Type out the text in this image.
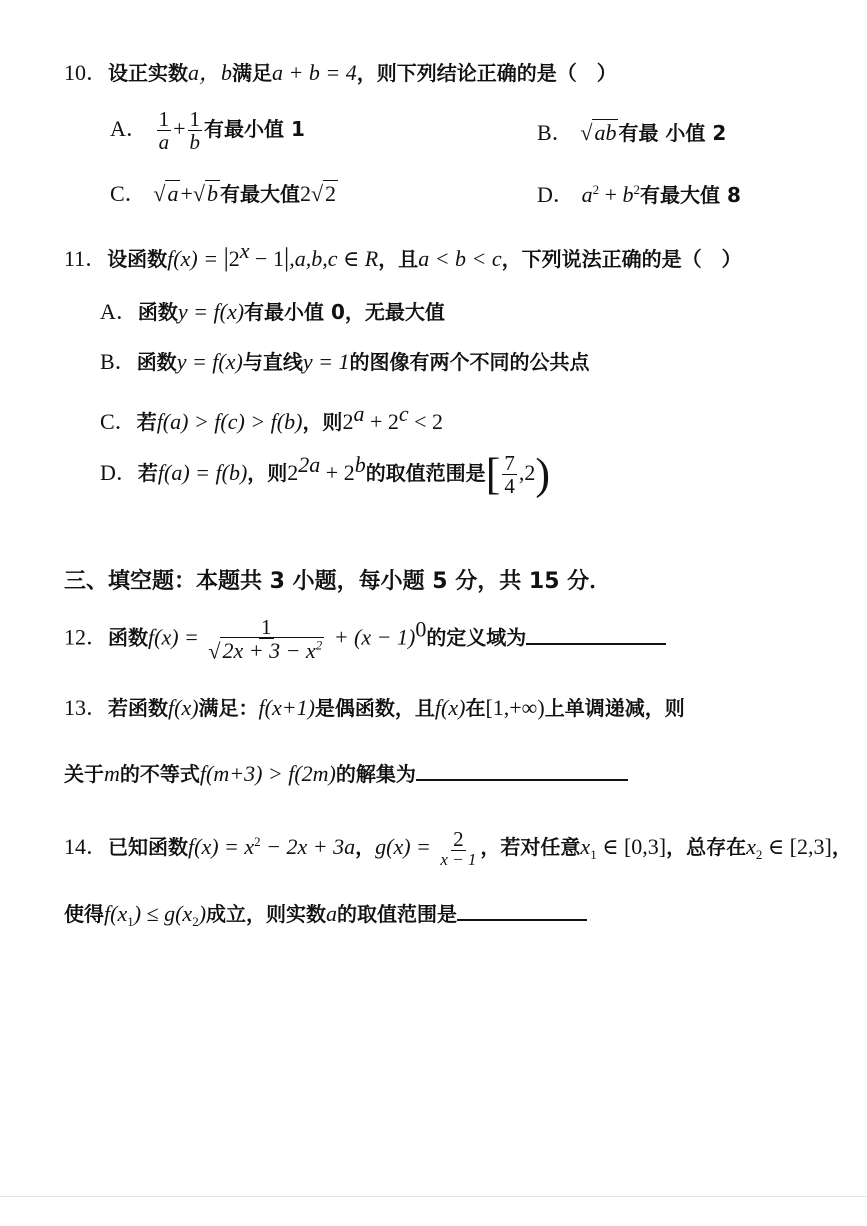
10．设正实数a，b满足a + b = 4，则下列结论正确的是（　）
A． $\frac{1}{a} + \frac{1}{b}$ 有最小值 1	B． √ab 有最 小值 2
C． √a+√b 有最大值2√2	D． $a^2 + b^2$有最大值 8
11．设函数$f(x) = |2^x - 1|,a,b,c$ ∈ R，且a < b < c，下列说法正确的是（　）
A．函数y = f(x)有最小值 0，无最大值
B．函数y = f(x)与直线y = 1的图像有两个不同的公共点
C．若f(a) > f(c) > f(b)，则$2^a + 2^c < 2$
D．若f(a) = f(b)，则$2^{2a} + 2^b$的取值范围是[ $\frac{7}{4} ,2$)
三、填空题：本题共 3 小题，每小题 5 分，共 15 分．
12．函数$f(x) = \frac{1}{√2x + 3 - x^2} + (x - 1)^0$的定义域为
13．若函数f(x)满足：f(x+1)是偶函数，且f(x)在[1,+∞)上单调递减，则
关于m的不等式f(m+3) > f(2m)的解集为
14．已知函数$f(x) = x^2 - 2x + 3a$，$g(x) = \frac{2}{x - 1}$ ，若对任意$x_1$ ∈ [0,3]，总存在$x_2$ ∈ [2,3]，
使得$f(x_1) \le g(x_2)$成立，则实数a的取值范围是
